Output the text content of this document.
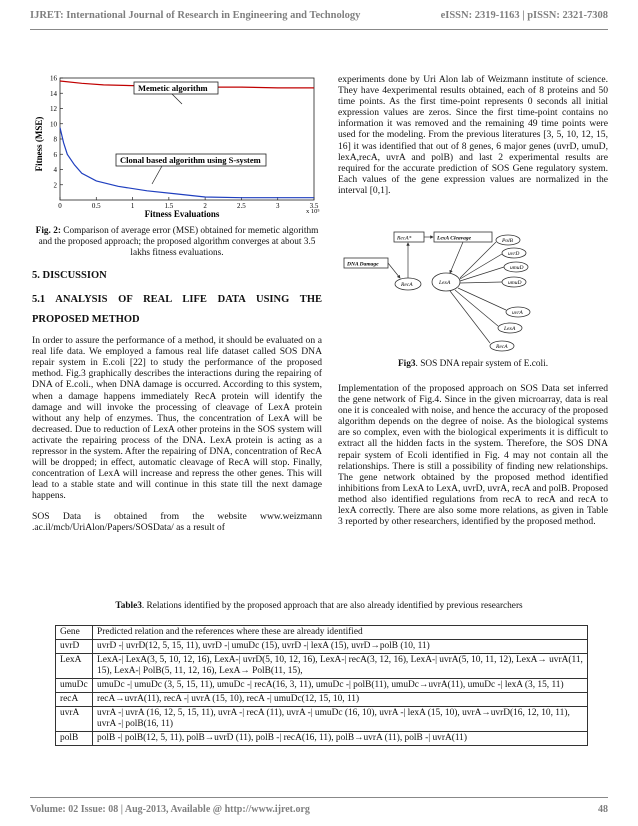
IJRET: International Journal of Research in Engineering and Technology	eISSN: 2319-1163 | pISSN: 2321-7308
16
14
12
10
8
6
4
2
0	0.5	1	1.5	2	2.5	3	3.5
Memetic algorithm
Clonal based algorithm using S-system
Fitness (MSE)
Fitness Evaluations	x 10⁵
Fig. 2: Comparison of average error (MSE) obtained for memetic algorithm and the proposed approach; the proposed algorithm converges at about 3.5 lakhs fitness evaluations.

5. DISCUSSION

5.1 ANALYSIS OF REAL LIFE DATA USING THE PROPOSED METHOD

In order to assure the performance of a method, it should be evaluated on a real life data. We employed a famous real life dataset called SOS DNA repair system in E.coli [22] to study the performance of the proposed method. Fig.3 graphically describes the interactions during the repairing of DNA of E.coli., when DNA damage is occurred. According to this system, when a damage happens immediately RecA protein will identify the damage and will invoke the processing of cleavage of LexA protein without any help of enzymes. Thus, the concentration of LexA will be decreased. Due to reduction of LexA other proteins in the SOS system will activate the repairing process of the DNA. LexA protein is acting as a repressor in the system. After the repairing of DNA, concentration of RecA will be dropped; in effect, automatic cleavage of RecA will stop. Finally, concentration of LexA will increase and repress the other genes. This will lead to a stable state and will continue in this state till the next damage happens.

SOS Data is obtained from the website www.weizmann .ac.il/mcb/UriAlon/Papers/SOSData/ as a result of

experiments done by Uri Alon lab of Weizmann institute of science. They have 4experimental results obtained, each of 8 proteins and 50 time points. As the first time-point represents 0 seconds all initial expression values are zeros. Since the first time-point contains no information it was removed and the remaining 49 time points were used for the modeling. From the previous literatures [3, 5, 10, 12, 15, 16] it was identified that out of 8 genes, 6 major genes (uvrD, umuD, lexA,recA, uvrA and polB) and last 2 experimental results are required for the accurate prediction of SOS Gene regulatory system. Each values of the gene expression values are normalized in the interval [0,1].

RecA*	LexA Cleavage
DNA Damage
RecA	LexA
PolB
uvrD
umuD
umuD
uvrA
LexA
RecA
Fig3. SOS DNA repair system of E.coli.

Implementation of the proposed approach on SOS Data set inferred the gene network of Fig.4. Since in the given microarray, data is real one it is concealed with noise, and hence the accuracy of the proposed algorithm depends on the degree of noise. As the biological systems are so complex, even with the biological experiments it is difficult to extract all the hidden facts in the system. Therefore, the SOS DNA repair system of Ecoli identified in Fig. 4 may not contain all the relationships. There is still a possibility of finding new relationships. The gene network obtained by the proposed method identified inhibitions from LexA to LexA, uvrD, uvrA, recA and polB. Proposed method also identified regulations from recA to recA and recA to lexA correctly. There are also some more relations, as given in Table 3 reported by other researchers, identified by the proposed method.

Table3. Relations identified by the proposed approach that are also already identified by previous researchers
Gene	Predicted relation and the references where these are already identified
uvrD	uvrD -| uvrD(12, 5, 15, 11), uvrD -| umuDc (15), uvrD -| lexA (15), uvrD→polB (10, 11)
LexA	LexA-| LexA(3, 5, 10, 12, 16), LexA-| uvrD(5, 10, 12, 16), LexA-| recA(3, 12, 16), LexA-| uvrA(5, 10, 11, 12), LexA→ uvrA(11, 15), LexA-| PolB(5, 11, 12, 16), LexA→ PolB(11, 15),
umuDc	umuDc -| umuDc (3, 5, 15, 11), umuDc -| recA(16, 3, 11), umuDc -| polB(11), umuDc→uvrA(11), umuDc -| lexA (3, 15, 11)
recA	recA→uvrA(11), recA -| uvrA (15, 10), recA -| umuDc(12, 15, 10, 11)
uvrA	uvrA -| uvrA (16, 12, 5, 15, 11), uvrA -| recA (11), uvrA -| umuDc (16, 10), uvrA -| lexA (15, 10), uvrA→uvrD(16, 12, 10, 11), uvrA -| polB(16, 11)
polB	polB -| polB(12, 5, 11), polB→uvrD (11), polB -| recA(16, 11), polB→uvrA (11), polB -| uvrA(11)
Volume: 02 Issue: 08 | Aug-2013, Available @ http://www.ijret.org	48
